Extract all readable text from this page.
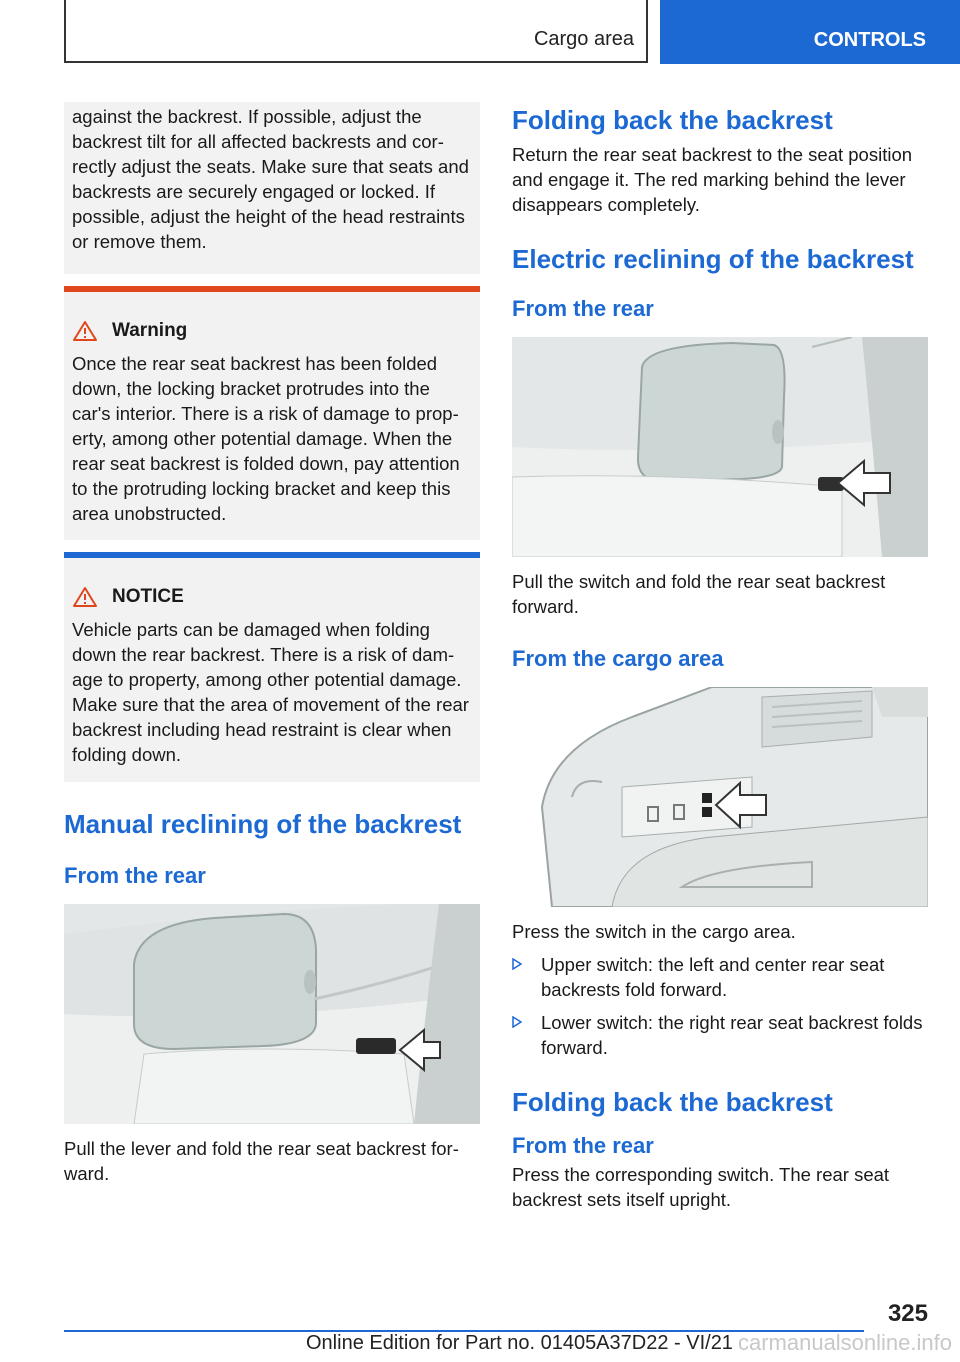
Cargo area	CONTROLS
against the backrest. If possible, adjust the backrest tilt for all affected backrests and correctly adjust the seats. Make sure that seats and backrests are securely engaged or locked. If possible, adjust the height of the head restraints or remove them.
Warning
Once the rear seat backrest has been folded down, the locking bracket protrudes into the car's interior. There is a risk of damage to property, among other potential damage. When the rear seat backrest is folded down, pay attention to the protruding locking bracket and keep this area unobstructed.
NOTICE
Vehicle parts can be damaged when folding down the rear backrest. There is a risk of damage to property, among other potential damage. Make sure that the area of movement of the rear backrest including head restraint is clear when folding down.
Manual reclining of the backrest
From the rear
Pull the lever and fold the rear seat backrest forward.
Folding back the backrest
Return the rear seat backrest to the seat position and engage it. The red marking behind the lever disappears completely.
Electric reclining of the backrest
From the rear
Pull the switch and fold the rear seat backrest forward.
From the cargo area
Press the switch in the cargo area.
Upper switch: the left and center rear seat backrests fold forward.
Lower switch: the right rear seat backrest folds forward.
Folding back the backrest
From the rear
Press the corresponding switch. The rear seat backrest sets itself upright.
325
Online Edition for Part no. 01405A37D22 - VI/21 carmanualsonline.info
